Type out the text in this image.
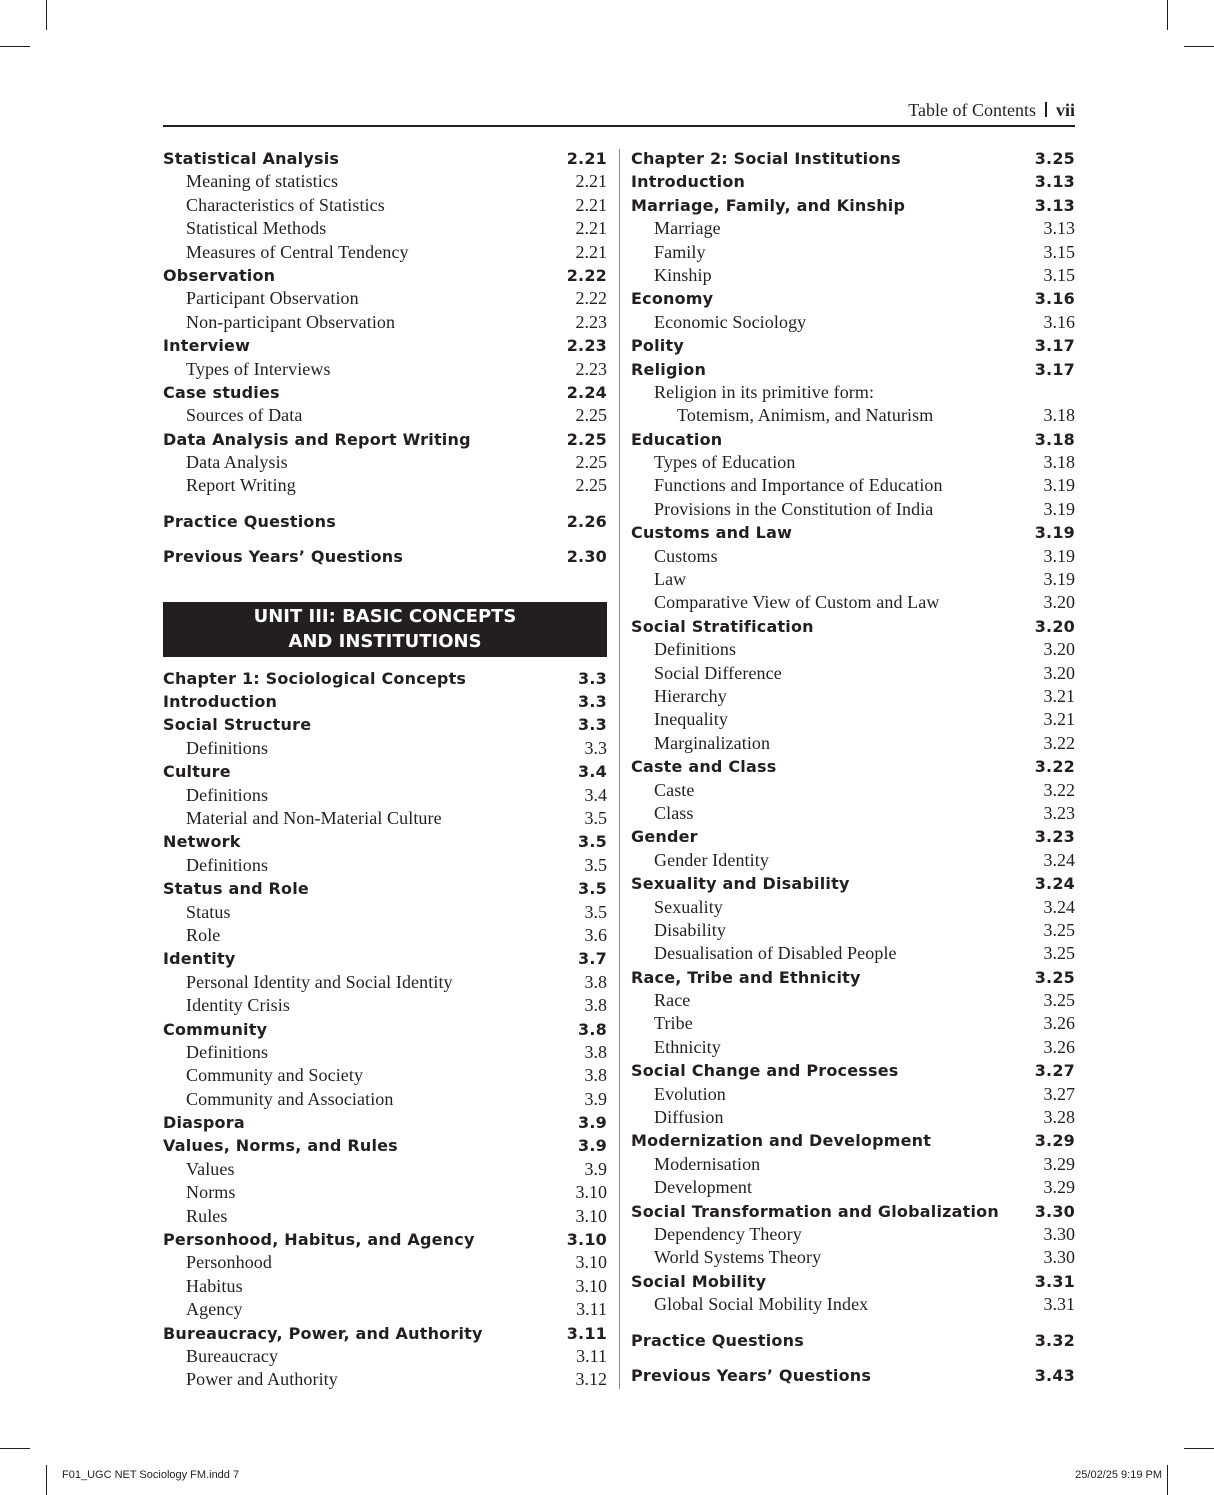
Table of Contents vii
Statistical Analysis	2.21
Meaning of statistics	2.21
Characteristics of Statistics	2.21
Statistical Methods	2.21
Measures of Central Tendency	2.21
Observation	2.22
Participant Observation	2.22
Non-participant Observation	2.23
Interview	2.23
Types of Interviews	2.23
Case studies	2.24
Sources of Data	2.25
Data Analysis and Report Writing	2.25
Data Analysis	2.25
Report Writing	2.25
Practice Questions	2.26
Previous Years’ Questions	2.30
UNIT III: BASIC CONCEPTS
AND INSTITUTIONS
Chapter 1: Sociological Concepts	3.3
Introduction	3.3
Social Structure	3.3
Definitions	3.3
Culture	3.4
Definitions	3.4
Material and Non-Material Culture	3.5
Network	3.5
Definitions	3.5
Status and Role	3.5
Status	3.5
Role	3.6
Identity	3.7
Personal Identity and Social Identity	3.8
Identity Crisis	3.8
Community	3.8
Definitions	3.8
Community and Society	3.8
Community and Association	3.9
Diaspora	3.9
Values, Norms, and Rules	3.9
Values	3.9
Norms	3.10
Rules	3.10
Personhood, Habitus, and Agency	3.10
Personhood	3.10
Habitus	3.10
Agency	3.11
Bureaucracy, Power, and Authority	3.11
Bureaucracy	3.11
Power and Authority	3.12
Chapter 2: Social Institutions	3.25
Introduction	3.13
Marriage, Family, and Kinship	3.13
Marriage	3.13
Family	3.15
Kinship	3.15
Economy	3.16
Economic Sociology	3.16
Polity	3.17
Religion	3.17
Religion in its primitive form:
Totemism, Animism, and Naturism	3.18
Education	3.18
Types of Education	3.18
Functions and Importance of Education	3.19
Provisions in the Constitution of India	3.19
Customs and Law	3.19
Customs	3.19
Law	3.19
Comparative View of Custom and Law	3.20
Social Stratification	3.20
Definitions	3.20
Social Difference	3.20
Hierarchy	3.21
Inequality	3.21
Marginalization	3.22
Caste and Class	3.22
Caste	3.22
Class	3.23
Gender	3.23
Gender Identity	3.24
Sexuality and Disability	3.24
Sexuality	3.24
Disability	3.25
Desualisation of Disabled People	3.25
Race, Tribe and Ethnicity	3.25
Race	3.25
Tribe	3.26
Ethnicity	3.26
Social Change and Processes	3.27
Evolution	3.27
Diffusion	3.28
Modernization and Development	3.29
Modernisation	3.29
Development	3.29
Social Transformation and Globalization 3.30
Dependency Theory	3.30
World Systems Theory	3.30
Social Mobility	3.31
Global Social Mobility Index	3.31
Practice Questions	3.32
Previous Years’ Questions	3.43
F01_UGC NET Sociology FM.indd 7	25/02/25 9:19 PM
